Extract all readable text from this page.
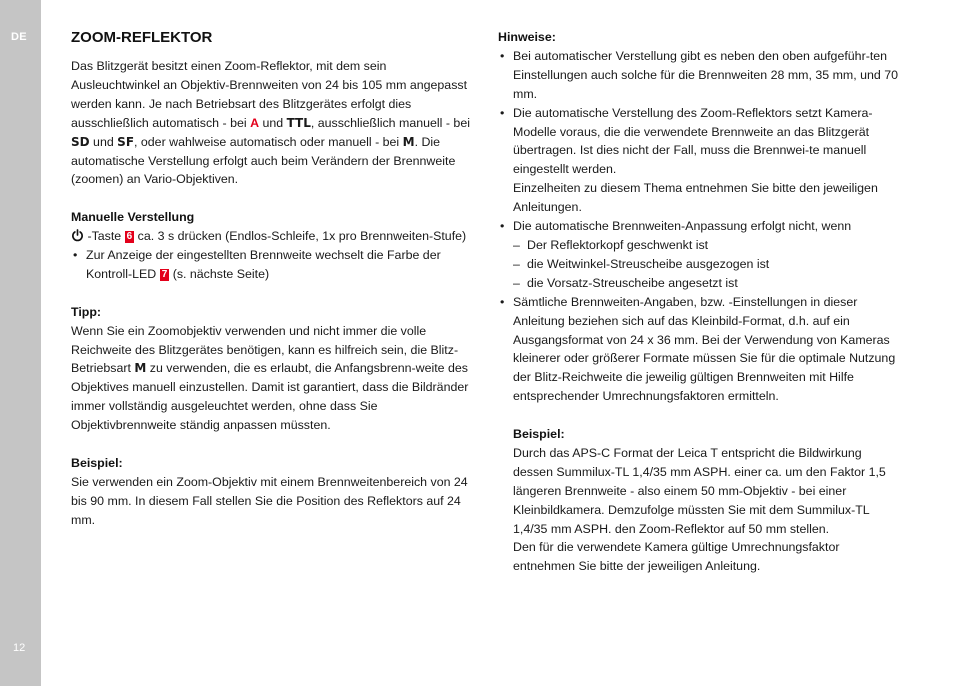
DE
12
ZOOM-REFLEKTOR

Das Blitzgerät besitzt einen Zoom-Reflektor, mit dem sein Ausleuchtwinkel an Objektiv-Brennweiten von 24 bis 105 mm angepasst werden kann. Je nach Betriebsart des Blitzgerätes erfolgt dies ausschließlich automatisch - bei A und TTL, ausschließlich manuell - bei SD und SF, oder wahlweise automatisch oder manuell - bei M. Die automatische Verstellung erfolgt auch beim Verändern der Brennweite (zoomen) an Vario-Objektiven.

Manuelle Verstellung

-Taste 6 ca. 3 s drücken (Endlos-Schleife, 1x pro Brennweiten-Stufe)

• Zur Anzeige der eingestellten Brennweite wechselt die Farbe der Kontroll-LED 7 (s. nächste Seite)

Tipp:

Wenn Sie ein Zoomobjektiv verwenden und nicht immer die volle Reichweite des Blitzgerätes benötigen, kann es hilfreich sein, die Blitz-Betriebsart M zu verwenden, die es erlaubt, die Anfangsbrenn-weite des Objektives manuell einzustellen. Damit ist garantiert, dass die Bildränder immer vollständig ausgeleuchtet werden, ohne dass Sie Objektivbrennweite ständig anpassen müssten.

Beispiel:

Sie verwenden ein Zoom-Objektiv mit einem Brennweitenbereich von 24 bis 90 mm. In diesem Fall stellen Sie die Position des Reflektors auf 24 mm.

Hinweise:

• Bei automatischer Verstellung gibt es neben den oben aufgeführ-ten Einstellungen auch solche für die Brennweiten 28 mm, 35 mm, und 70 mm.

• Die automatische Verstellung des Zoom-Reflektors setzt Kamera-Modelle voraus, die die verwendete Brennweite an das Blitzgerät übertragen. Ist dies nicht der Fall, muss die Brennwei-te manuell eingestellt werden.

Einzelheiten zu diesem Thema entnehmen Sie bitte den jeweiligen Anleitungen.

• Die automatische Brennweiten-Anpassung erfolgt nicht, wenn

– Der Reflektorkopf geschwenkt ist

– die Weitwinkel-Streuscheibe ausgezogen ist

– die Vorsatz-Streuscheibe angesetzt ist

• Sämtliche Brennweiten-Angaben, bzw. -Einstellungen in dieser Anleitung beziehen sich auf das Kleinbild-Format, d.h. auf ein Ausgangsformat von 24 x 36 mm. Bei der Verwendung von Kameras kleinerer oder größerer Formate müssen Sie für die optimale Nutzung der Blitz-Reichweite die jeweilig gültigen Brennweiten mit Hilfe entsprechender Umrechnungsfaktoren ermitteln.

Beispiel:

Durch das APS-C Format der Leica T entspricht die Bildwirkung dessen Summilux-TL 1,4/35 mm ASPH. einer ca. um den Faktor 1,5 längeren Brennweite - also einem 50 mm-Objektiv - bei einer Kleinbildkamera. Demzufolge müssten Sie mit dem Summilux-TL 1,4/35 mm ASPH. den Zoom-Reflektor auf 50 mm stellen.

Den für die verwendete Kamera gültige Umrechnungsfaktor entnehmen Sie bitte der jeweiligen Anleitung.
